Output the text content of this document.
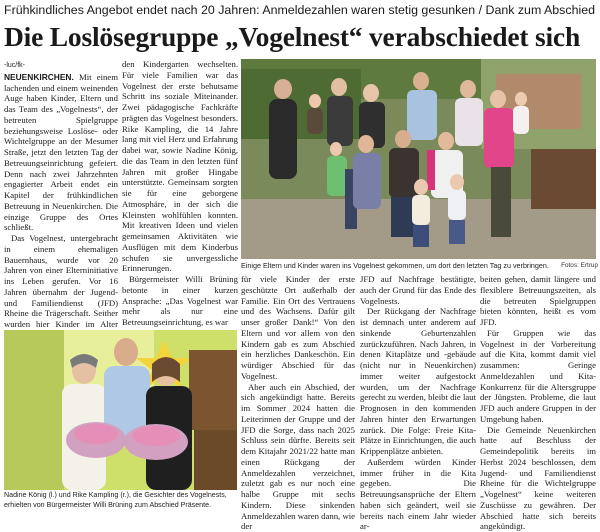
Frühkindliches Angebot endet nach 20 Jahren: Anmeldezahlen waren stetig gesunken / Dank zum Abschied
Die Loslösegruppe „Vogelnest“ verabschiedet sich

-luc/fk-
NEUENKIRCHEN. Mit einem lachenden und einem weinenden Auge haben Kinder, Eltern und das Team des „Vogelnests“, der betreuten Spielgruppe beziehungsweise Loslöse- oder Wichtelgruppe an der Mesumer Straße, jetzt den letzten Tag der Betreuungseinrichtung gefeiert. Denn nach zwei Jahrzehnten engagierter Arbeit endet ein Kapitel der frühkindlichen Betreuung in Neuenkirchen. Die einzige Gruppe des Ortes schließt.

Das Vogelnest, untergebracht in einem ehemaligen Bauernhaus, wurde vor 20 Jahren von einer Elterninitiative ins Leben gerufen. Vor 16 Jahren übernahm der Jugend- und Familiendienst (JFD) Rheine die Trägerschaft. Seither wurden hier Kinder im Alter

den Kindergarten wechselten. Für viele Familien war das Vogelnest der erste behutsame Schritt ins soziale Miteinander. Zwei pädagogische Fachkräfte prägten das Vogelnest besonders. Rike Kampling, die 14 Jahre lang mit viel Herz und Erfahrung dabei war, sowie Nadine König, die das Team in den letzten fünf Jahren mit großer Hingabe unterstützte. Gemeinsam sorgten sie für eine geborgene Atmosphäre, in der sich die Kleinsten wohlfühlen konnten. Mit kreativen Ideen und vielen gemeinsamen Aktivitäten wie Ausflügen mit dem Kinderbus schufen sie unvergessliche Erinnerungen.

Bürgermeister Willi Brüning betonte in einer kurzen Ansprache: „Das Vogelnest war mehr als nur eine Betreuungseinrichtung, es war

Einige Eltern und Kinder waren ins Vogelnest gekommen, um dort den letzten Tag zu verbringen. Fotos: Ertrup

für viele Kinder der erste geschützte Ort außerhalb der Familie. Ein Ort des Vertrauens und des Wachsens. Dafür gilt unser großer Dank!“ Von den Eltern und vor allem von den Kindern gab es zum Abschied ein herzliches Dankeschön. Ein würdiger Abschied für das Vogelnest.

Aber auch ein Abschied, der sich angekündigt hatte. Bereits im Sommer 2024 hatten die Leiterinnen der Gruppe und der JFD die Sorge, dass nach 2025 Schluss sein dürfte. Bereits seit dem Kitajahr 2021/22 hatte man einen Rückgang der Anmeldezahlen verzeichnet, zuletzt gab es nur noch eine halbe Gruppe mit sechs Kindern. Diese sinkenden Anmeldezahlen waren dann, wie der

JFD auf Nachfrage bestätigte, auch der Grund für das Ende des Vogelnests.

Der Rückgang der Nachfrage ist demnach unter anderem auf sinkende Geburtenzahlen zurückzuführen. Nach Jahren, in denen Kitaplätze und -gebäude (nicht nur in Neuenkirchen) immer weiter aufgestockt wurden, um der Nachfrage gerecht zu werden, bleibt die laut Prognosen in den kommenden Jahren hinter den Erwartungen zurück. Die Folge: Freie Kita-Plätze in Einrichtungen, die auch Krippenplätze anbieten.

Außerdem würden Kinder immer früher in die Kita gegeben. Die Betreuungsansprüche der Eltern haben sich geändert, weil sie bereits nach einem Jahr wieder ar-

beiten gehen, damit längere und flexiblere Betreuungszeiten, als die betreuten Spielgruppen bieten könnten, heißt es vom JFD.

Für Gruppen wie das Vogelnest in der Vorbereitung auf die Kita, kommt damit viel zusammen: Geringe Anmeldezahlen und Kita-Konkurrenz für die Altersgruppe der Jüngsten. Probleme, die laut JFD auch andere Gruppen in der Umgebung haben.

Die Gemeinde Neuenkirchen hatte auf Beschluss der Gemeindepolitik bereits im Herbst 2024 beschlossen, dem Jugend- und Familiendienst Rheine für die Wichtelgruppe „Vogelnest“ keine weiteren Zuschüsse zu gewähren. Der Abschied hatte sich bereits angekündigt.

Nadine König (l.) und Rike Kampling (r.), die Gesichter des Vogelnests, erhielten von Bürgermeister Willi Brüning zum Abschied Präsente.
